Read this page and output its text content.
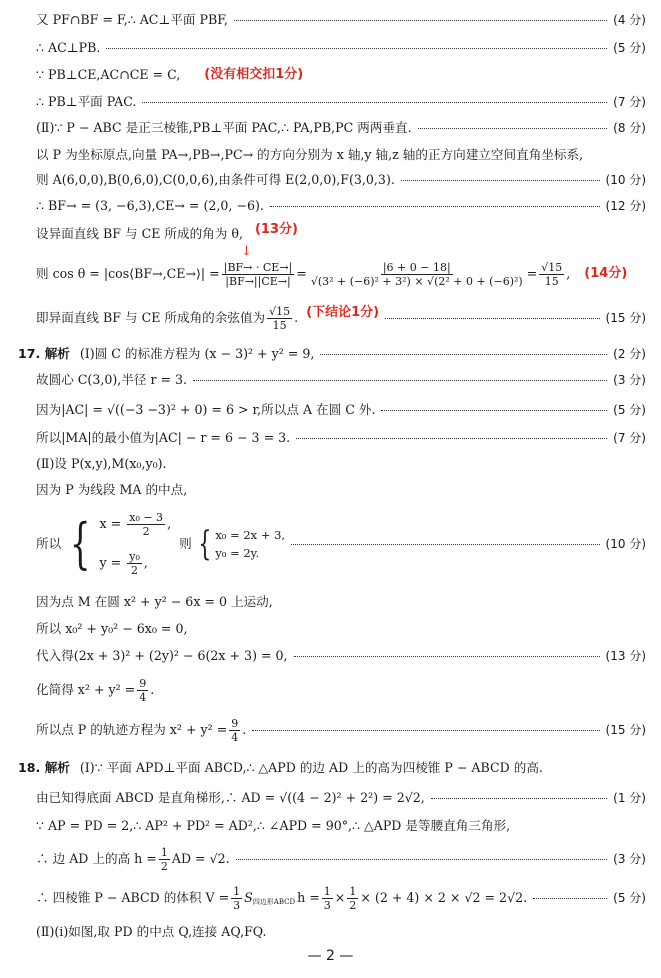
又 PF∩BF = F,∴ AC⊥平面 PBF,	(4 分)
∴ AC⊥PB.	(5 分)
∵ PB⊥CE,AC∩CE = C, (没有相交扣1分)
∴ PB⊥平面 PAC.	(7 分)
(Ⅱ)∵ P − ABC 是正三棱锥,PB⊥平面 PAC,∴ PA,PB,PC 两两垂直.	(8 分)
以 P 为坐标原点,向量 PA→,PB→,PC→ 的方向分别为 x 轴,y 轴,z 轴的正方向建立空间直角坐标系,
则 A(6,0,0),B(0,6,0),C(0,0,6),由条件可得 E(2,0,0),F(3,0,3).	(10 分)
∴ BF→ = (3, −6,3),CE→ = (2,0, −6).	(12 分)
设异面直线 BF 与 CE 所成的角为 θ, (13分)
↓
则 cos θ = |cos⟨BF→,CE→⟩| = $\frac{|BF\to \cdot CE\to|}{|BF\to||CE\to|} = \frac{|6 + 0 - 18|}{\text{√(3² + (−6)² + 3²) × √(2² + 0 + (−6)²)}} = \frac{√15}{15}$ , (14分)
即异面直线 BF 与 CE 所成角的余弦值为 $\frac{√15}{15}$ . (下结论1分)	(15 分)
17. 解析 (Ⅰ)圆 C 的标准方程为 (x − 3)² + y² = 9,	(2 分)
故圆心 C(3,0),半径 r = 3.	(3 分)
因为|AC| = √((−3 −3)² + 0) = 6 > r,所以点 A 在圆 C 外.	(5 分)
所以|MA|的最小值为|AC| − r = 6 − 3 = 3.	(7 分)
(Ⅱ)设 P(x,y),M(x₀,y₀).
因为 P 为线段 MA 的中点,
所以 { $x = \frac{\text{x₀ − 3}}{2}$ ,
$y = \frac{\text{y₀}}{2}$ ,
则 { x₀ = 2x + 3,
y₀ = 2y.
(10 分)
因为点 M 在圆 x² + y² − 6x = 0 上运动,
所以 x₀² + y₀² − 6x₀ = 0,
代入得(2x + 3)² + (2y)² − 6(2x + 3) = 0,	(13 分)
化简得 $x^2 + y^2 = \frac{9}{4}$ .
所以点 P 的轨迹方程为 $x^2 + y^2 = \frac{9}{4}$ .	(15 分)
18. 解析 (Ⅰ)∵ 平面 APD⊥平面 ABCD,∴ △APD 的边 AD 上的高为四棱锥 P − ABCD 的高.
由已知得底面 ABCD 是直角梯形,∴ AD = √((4 − 2)² + 2²) = 2√2,	(1 分)
∵ AP = PD = 2,∴ AP² + PD² = AD²,∴ ∠APD = 90°,∴ △APD 是等腰直角三角形,
∴ 边 AD 上的高 $h = \frac{1}{2}$ AD = √2.	(3 分)
∴ 四棱锥 P − ABCD 的体积 $V = \frac{1}{3} S_{四边形ABCD}$ $h = \frac{1}{3} \times \frac{1}{2} \times (2 + 4) \times 2 \times √2 = 2√2$.	(5 分)
(Ⅱ)(ⅰ)如图,取 PD 的中点 Q,连接 AQ,FQ.
— 2 —
